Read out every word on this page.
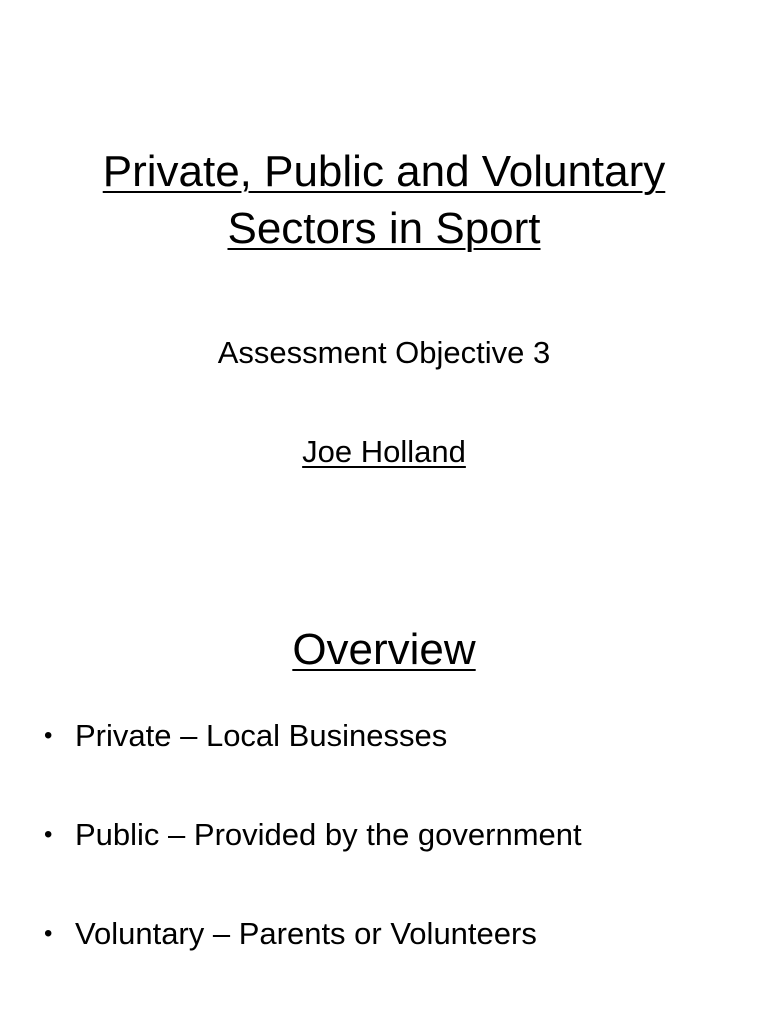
Private, Public and Voluntary
Sectors in Sport
Assessment Objective 3
Joe Holland
Overview
• Private – Local Businesses
• Public – Provided by the government
• Voluntary – Parents or Volunteers
